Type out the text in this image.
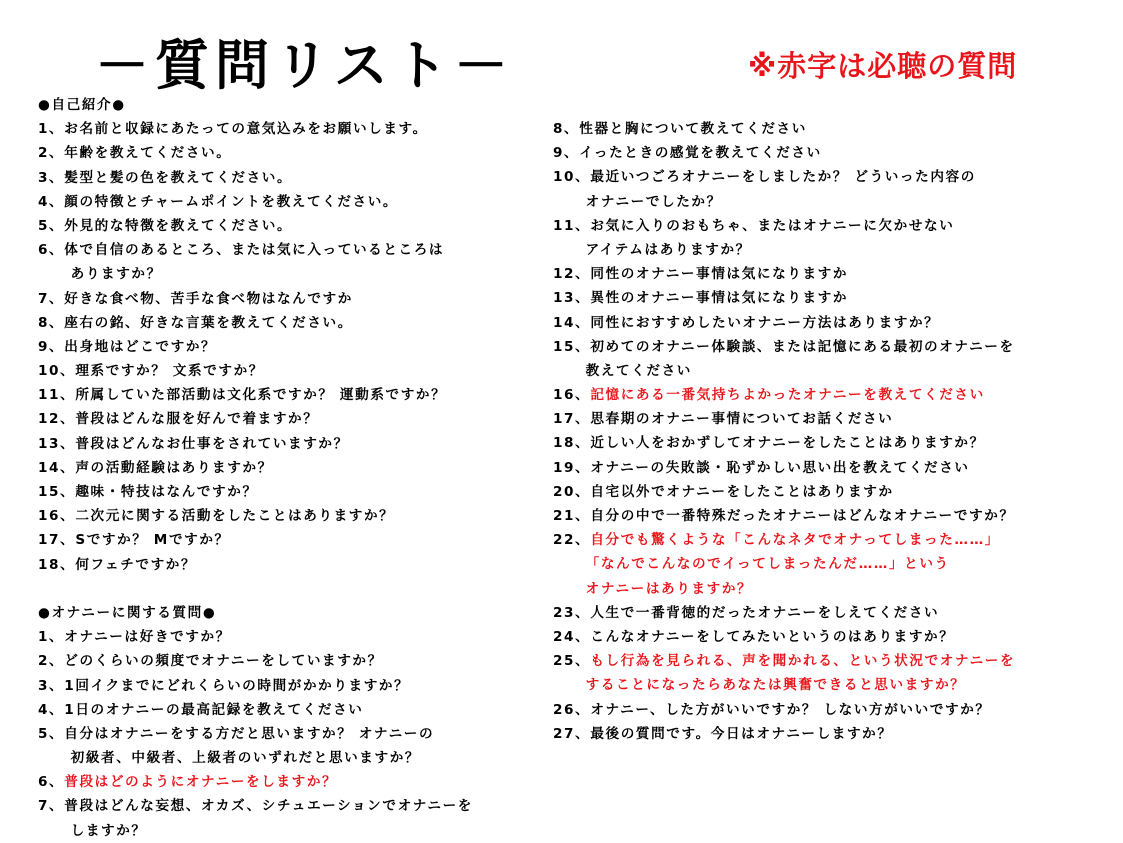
－質問リスト－	※赤字は必聴の質問
●自己紹介●
1、お名前と収録にあたっての意気込みをお願いします。
2、年齢を教えてください。
3、髪型と髪の色を教えてください。
4、顔の特徴とチャームポイントを教えてください。
5、外見的な特徴を教えてください。
6、体で自信のあるところ、または気に入っているところは
ありますか？
7、好きな食べ物、苦手な食べ物はなんですか
8、座右の銘、好きな言葉を教えてください。
9、出身地はどこですか？
10、理系ですか？ 文系ですか？
11、所属していた部活動は文化系ですか？ 運動系ですか？
12、普段はどんな服を好んで着ますか？
13、普段はどんなお仕事をされていますか？
14、声の活動経験はありますか？
15、趣味・特技はなんですか？
16、二次元に関する活動をしたことはありますか？
17、Sですか？ Mですか？
18、何フェチですか？
●オナニーに関する質問●
1、オナニーは好きですか？
2、どのくらいの頻度でオナニーをしていますか？
3、1回イクまでにどれくらいの時間がかかりますか？
4、1日のオナニーの最高記録を教えてください
5、自分はオナニーをする方だと思いますか？ オナニーの
初級者、中級者、上級者のいずれだと思いますか？
6、普段はどのようにオナニーをしますか？
7、普段はどんな妄想、オカズ、シチュエーションでオナニーを
しますか？
8、性器と胸について教えてください
9、イったときの感覚を教えてください
10、最近いつごろオナニーをしましたか？ どういった内容の
オナニーでしたか？
11、お気に入りのおもちゃ、またはオナニーに欠かせない
アイテムはありますか？
12、同性のオナニー事情は気になりますか
13、異性のオナニー事情は気になりますか
14、同性におすすめしたいオナニー方法はありますか？
15、初めてのオナニー体験談、または記憶にある最初のオナニーを
教えてください
16、記憶にある一番気持ちよかったオナニーを教えてください
17、思春期のオナニー事情についてお話ください
18、近しい人をおかずしてオナニーをしたことはありますか？
19、オナニーの失敗談・恥ずかしい思い出を教えてください
20、自宅以外でオナニーをしたことはありますか
21、自分の中で一番特殊だったオナニーはどんなオナニーですか？
22、自分でも驚くような「こんなネタでオナってしまった……」
「なんでこんなのでイってしまったんだ……」という
オナニーはありますか？
23、人生で一番背徳的だったオナニーをしえてください
24、こんなオナニーをしてみたいというのはありますか？
25、もし行為を見られる、声を聞かれる、という状況でオナニーを
することになったらあなたは興奮できると思いますか？
26、オナニー、した方がいいですか？ しない方がいいですか？
27、最後の質問です。今日はオナニーしますか？
